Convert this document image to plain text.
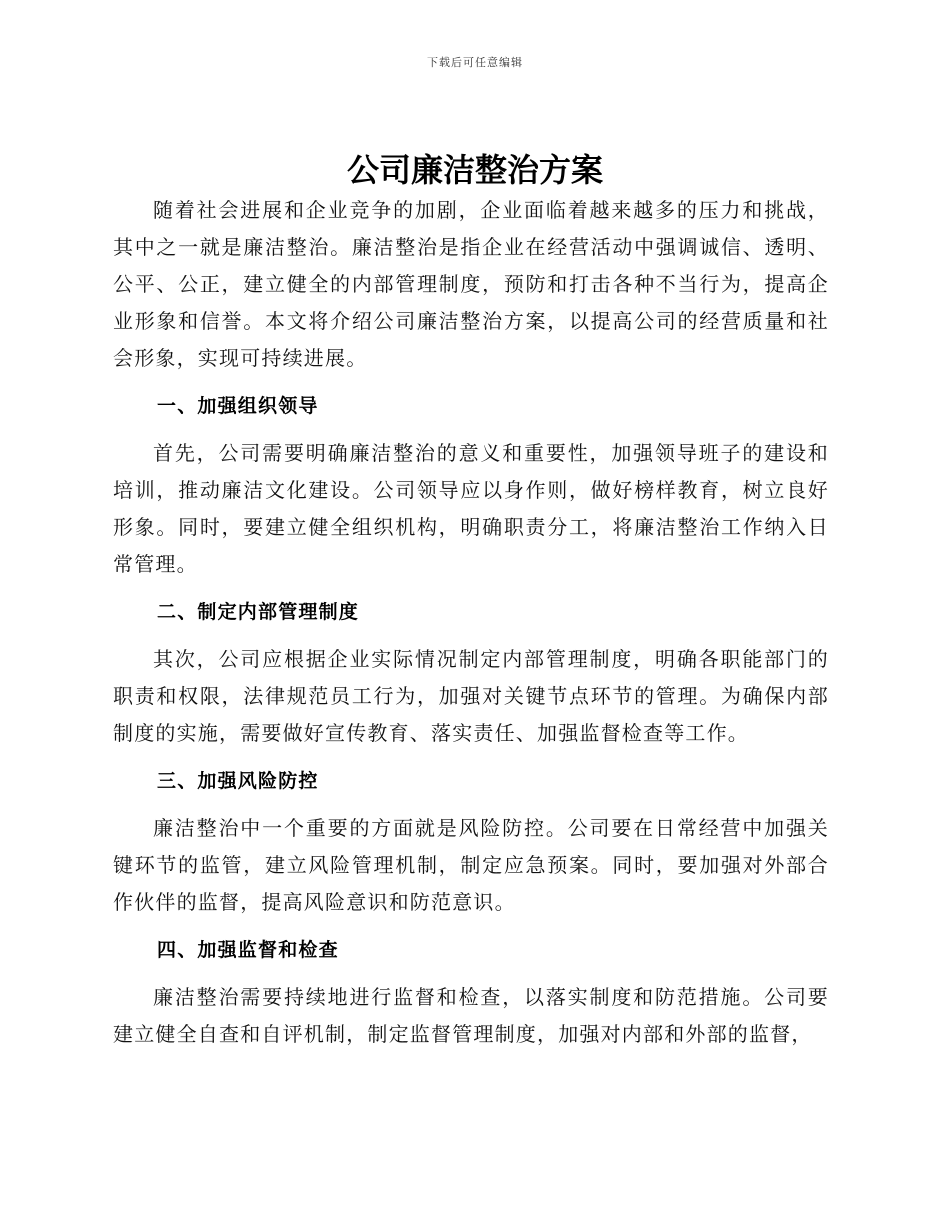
下载后可任意编辑
公司廉洁整治方案

随着社会进展和企业竞争的加剧，企业面临着越来越多的压力和挑战，其中之一就是廉洁整治。廉洁整治是指企业在经营活动中强调诚信、透明、公平、公正，建立健全的内部管理制度，预防和打击各种不当行为，提高企业形象和信誉。本文将介绍公司廉洁整治方案，以提高公司的经营质量和社会形象，实现可持续进展。

一、加强组织领导

首先，公司需要明确廉洁整治的意义和重要性，加强领导班子的建设和培训，推动廉洁文化建设。公司领导应以身作则，做好榜样教育，树立良好形象。同时，要建立健全组织机构，明确职责分工，将廉洁整治工作纳入日常管理。

二、制定内部管理制度

其次，公司应根据企业实际情况制定内部管理制度，明确各职能部门的职责和权限，法律规范员工行为，加强对关键节点环节的管理。为确保内部制度的实施，需要做好宣传教育、落实责任、加强监督检查等工作。

三、加强风险防控

廉洁整治中一个重要的方面就是风险防控。公司要在日常经营中加强关键环节的监管，建立风险管理机制，制定应急预案。同时，要加强对外部合作伙伴的监督，提高风险意识和防范意识。

四、加强监督和检查

廉洁整治需要持续地进行监督和检查，以落实制度和防范措施。公司要建立健全自查和自评机制，制定监督管理制度，加强对内部和外部的监督，
